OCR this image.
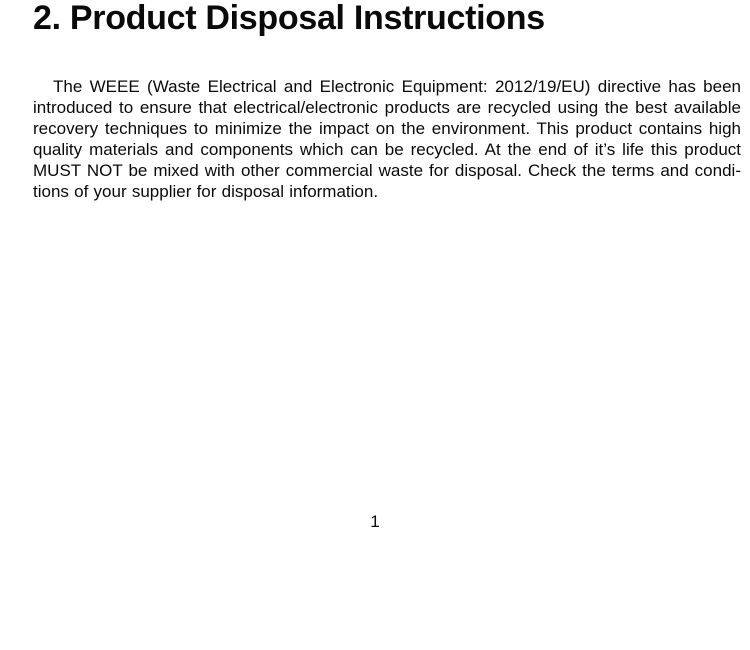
2. Product Disposal Instructions
The WEEE (Waste Electrical and Electronic Equipment: 2012/19/EU) directive has been
introduced to ensure that electrical/electronic products are recycled using the best available
recovery techniques to minimize the impact on the environment. This product contains high
quality materials and components which can be recycled. At the end of it’s life this product
MUST NOT be mixed with other commercial waste for disposal. Check the terms and condi-
tions of your supplier for disposal information.
1
